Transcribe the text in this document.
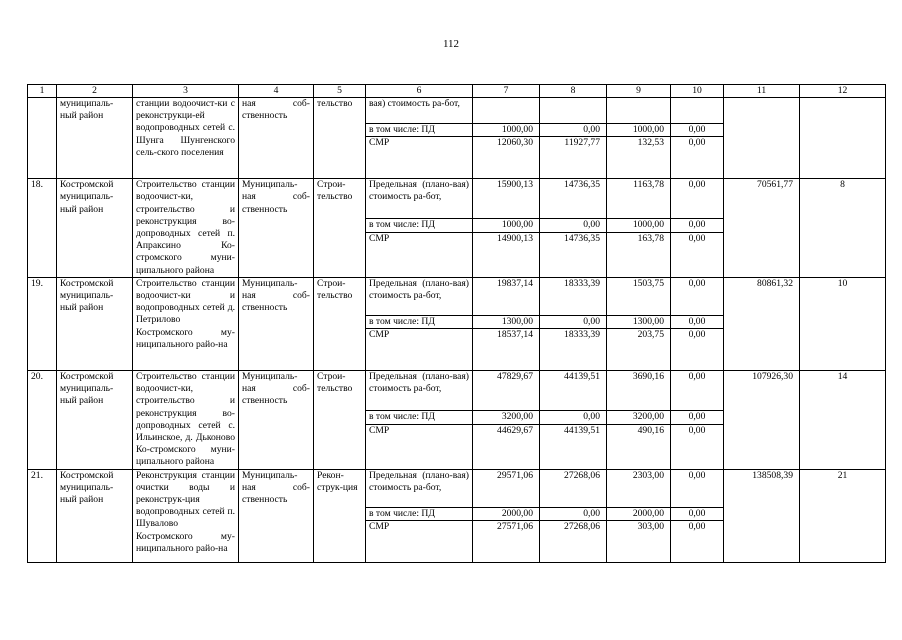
112
1	2	3	4	5	6	7	8	9	10	11	12
	муниципаль-ный район	станции водоочист-ки с реконструкци-ей водопроводных сетей с. Шунга Шунгенского сель-ского поселения	ная соб-ственность	тельство	вая) стоимость ра-бот,						
					в том числе: ПД	1000,00	0,00	1000,00	0,00		
					СМР	12060,30	11927,77	132,53	0,00		
18.	Костромской муниципаль-ный район	Строительство станции водоочист-ки, строительство и реконструкция во-допроводных сетей п. Апраксино Ко-стромского муни-ципального района	Муниципаль-ная соб-ственность	Строи-тельство	Предельная (плано-вая) стоимость ра-бот,	15900,13	14736,35	1163,78	0,00	70561,77	8
					в том числе: ПД	1000,00	0,00	1000,00	0,00		
					СМР	14900,13	14736,35	163,78	0,00		
19.	Костромской муниципаль-ный район	Строительство станции водоочист-ки и водопроводных сетей д. Петрилово Костромского му-ниципального райо-на	Муниципаль-ная соб-ственность	Строи-тельство	Предельная (плано-вая) стоимость ра-бот,	19837,14	18333,39	1503,75	0,00	80861,32	10
					в том числе: ПД	1300,00	0,00	1300,00	0,00		
					СМР	18537,14	18333,39	203,75	0,00		
20.	Костромской муниципаль-ный район	Строительство станции водоочист-ки, строительство и реконструкция во-допроводных сетей с. Ильинское, д. Дьконово Ко-стромского муни-ципального района	Муниципаль-ная соб-ственность	Строи-тельство	Предельная (плано-вая) стоимость ра-бот,	47829,67	44139,51	3690,16	0,00	107926,30	14
					в том числе: ПД	3200,00	0,00	3200,00	0,00		
					СМР	44629,67	44139,51	490,16	0,00		
21.	Костромской муниципаль-ный район	Реконструкция станции очистки воды и реконструк-ция водопроводных сетей п. Шувалово Костромского му-ниципального райо-на	Муниципаль-ная соб-ственность	Рекон-струк-ция	Предельная (плано-вая) стоимость ра-бот,	29571,06	27268,06	2303,00	0,00	138508,39	21
					в том числе: ПД	2000,00	0,00	2000,00	0,00		
					СМР	27571,06	27268,06	303,00	0,00		
